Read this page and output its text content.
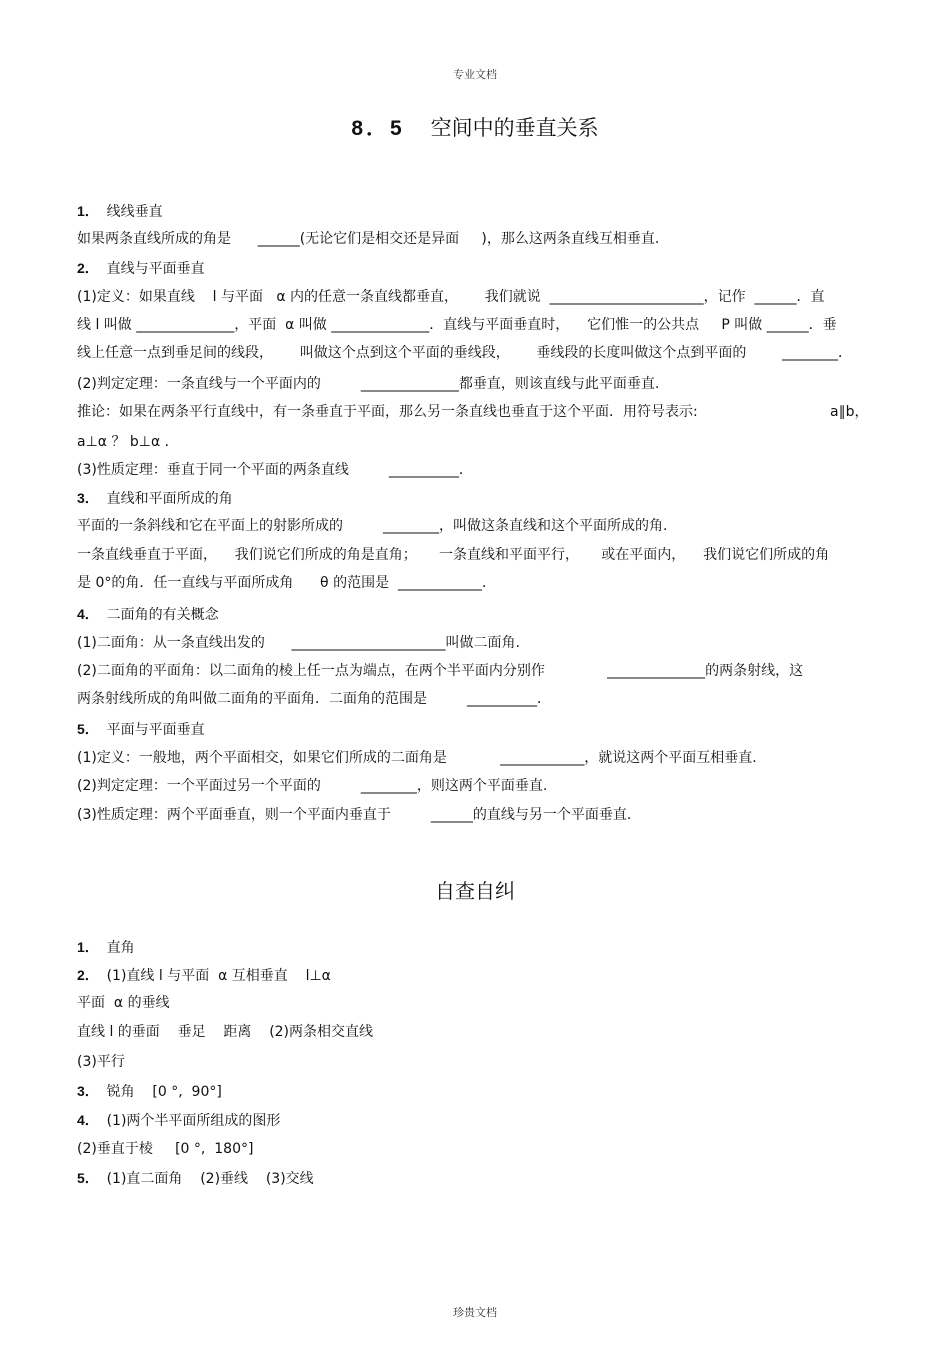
专业文档
8．5 空间中的垂直关系
1．  线线垂直
如果两条直线所成的角是      ______(无论它们是相交还是异面     )，那么这两条直线互相垂直.
2．  直线与平面垂直
(1)定义：如果直线    l 与平面   α 内的任意一条直线都垂直，      我们就说  ______________________，记作  ______．直
线 l 叫做 ______________，平面  α 叫做 ______________．直线与平面垂直时，    它们惟一的公共点     P 叫做 ______．垂
线上任意一点到垂足间的线段，      叫做这个点到这个平面的垂线段，      垂线段的长度叫做这个点到平面的        ________．
(2)判定定理：一条直线与一个平面内的         ______________都垂直，则该直线与此平面垂直.
推论：如果在两条平行直线中，有一条垂直于平面，那么另一条直线也垂直于这个平面．用符号表示:	a∥b，
a⊥α ？ b⊥α ．
(3)性质定理：垂直于同一个平面的两条直线         __________．
3．  直线和平面所成的角
平面的一条斜线和它在平面上的射影所成的         ________，叫做这条直线和这个平面所成的角.
一条直线垂直于平面，    我们说它们所成的角是直角；     一条直线和平面平行，     或在平面内，    我们说它们所成的角
是 0°的角．任一直线与平面所成角      θ 的范围是  ____________．
4．  二面角的有关概念
(1)二面角：从一条直线出发的      ______________________叫做二面角.
(2)二面角的平面角：以二面角的棱上任一点为端点，在两个半平面内分别作              ______________的两条射线，这
两条射线所成的角叫做二面角的平面角．二面角的范围是         __________．
5．  平面与平面垂直
(1)定义：一般地，两个平面相交，如果它们所成的二面角是            ____________，就说这两个平面互相垂直.
(2)判定定理：一个平面过另一个平面的         ________，则这两个平面垂直.
(3)性质定理：两个平面垂直，则一个平面内垂直于         ______的直线与另一个平面垂直.
自查自纠
1．  直角
2．  (1)直线 l 与平面  α 互相垂直    l⊥α
平面  α 的垂线
直线 l 的垂面    垂足    距离    (2)两条相交直线
(3)平行
3．  锐角    [0 °,  90°]
4．  (1)两个半平面所组成的图形
(2)垂直于棱     [0 °,  180°]
5．  (1)直二面角    (2)垂线    (3)交线
珍贵文档
